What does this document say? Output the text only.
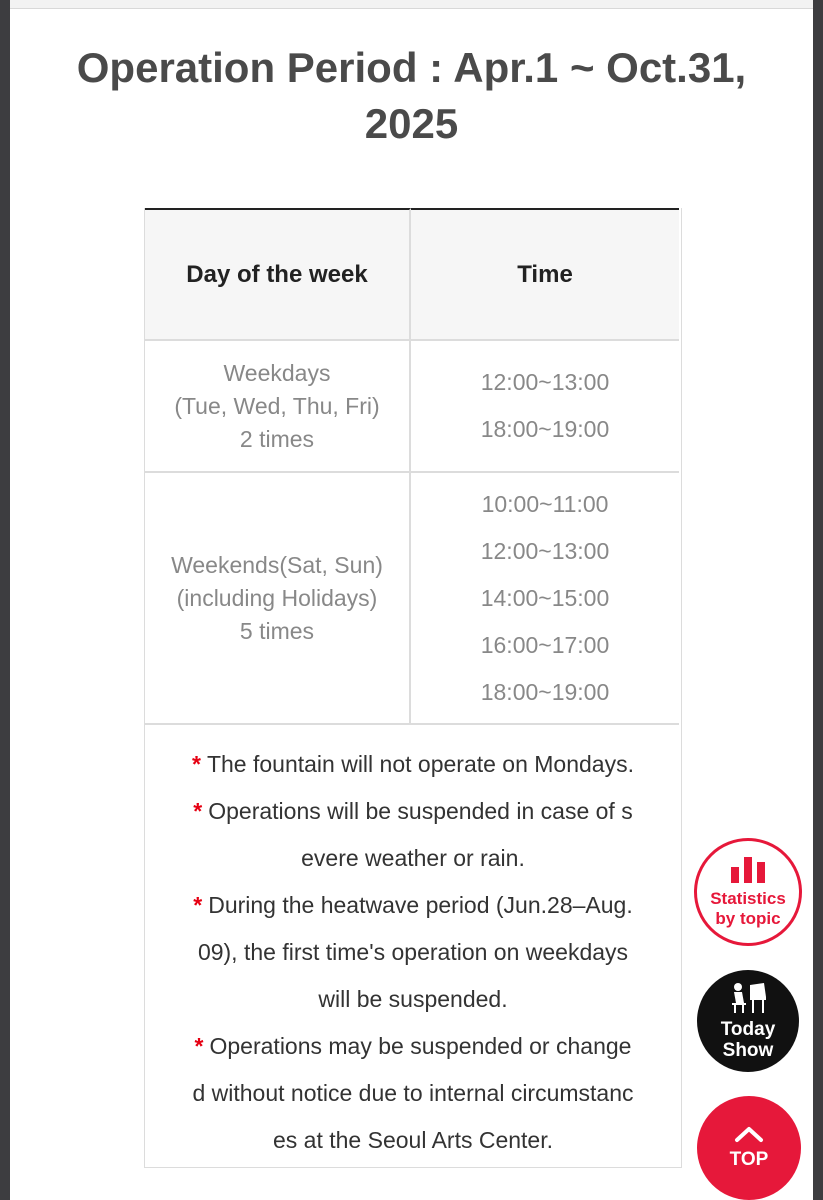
Operation Period : Apr.1 ~ Oct.31,
2025
Day of the week	Time
Weekdays
(Tue, Wed, Thu, Fri)
2 times
12:00~13:00
18:00~19:00
Weekends(Sat, Sun)
(including Holidays)
5 times
10:00~11:00
12:00~13:00
14:00~15:00
16:00~17:00
18:00~19:00
* The fountain will not operate on Mondays.
* Operations will be suspended in case of s
evere weather or rain.
* During the heatwave period (Jun.28–Aug.
09), the first time's operation on weekdays
will be suspended.
* Operations may be suspended or change
d without notice due to internal circumstanc
es at the Seoul Arts Center.
Statistics
by topic
Today
Show
TOP
